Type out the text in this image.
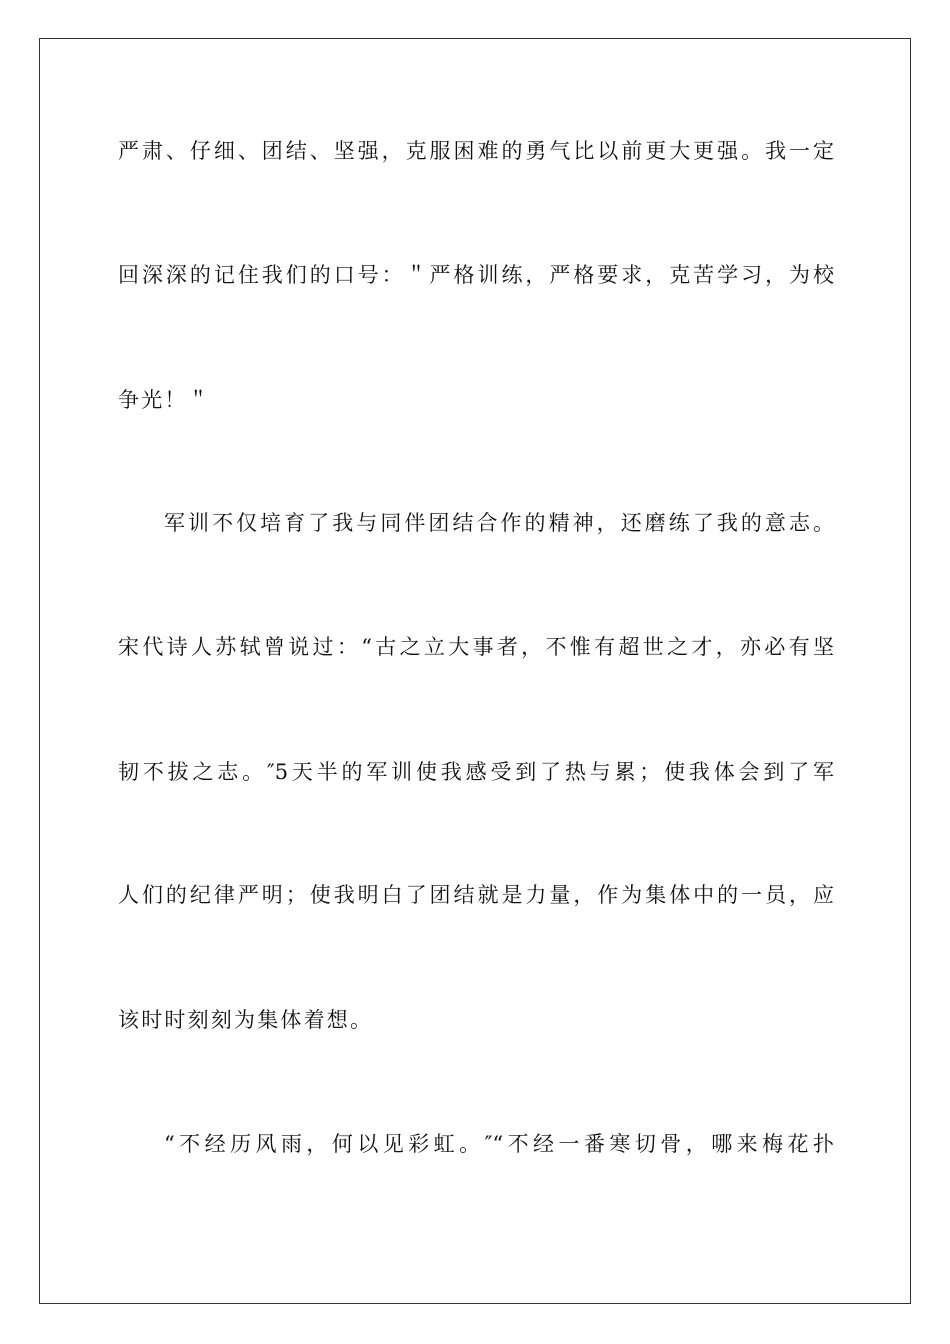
严肃、仔细、团结、坚强，克服困难的勇气比以前更大更强。我一定
回深深的记住我们的口号：＂严格训练，严格要求，克苦学习，为校
争光！＂
军训不仅培育了我与同伴团结合作的精神，还磨练了我的意志。
宋代诗人苏轼曾说过：“古之立大事者，不惟有超世之才，亦必有坚
韧不拔之志。″5天半的军训使我感受到了热与累；使我体会到了军
人们的纪律严明；使我明白了团结就是力量，作为集体中的一员，应
该时时刻刻为集体着想。
“不经历风雨，何以见彩虹。″“不经一番寒切骨，哪来梅花扑
